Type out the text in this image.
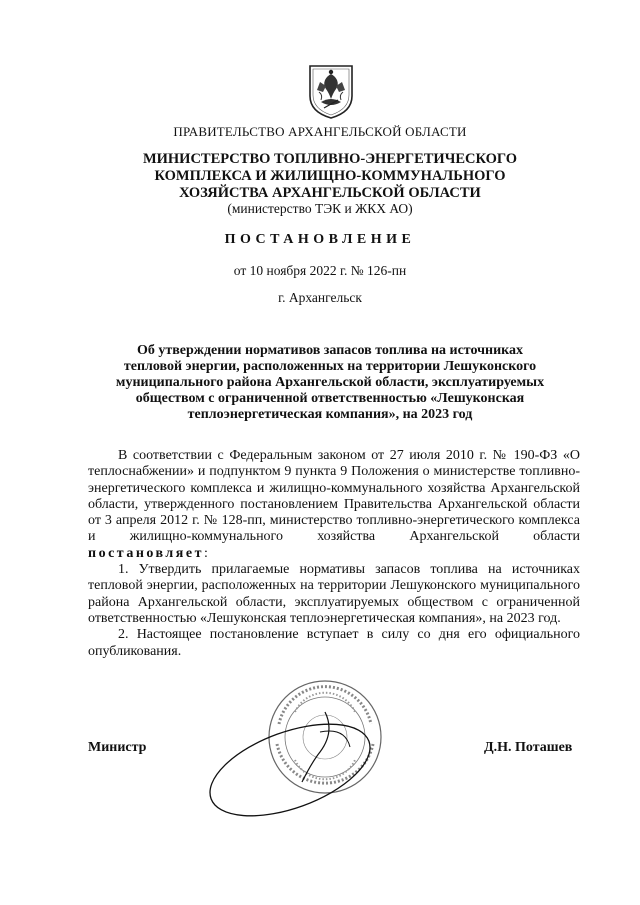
ПРАВИТЕЛЬСТВО АРХАНГЕЛЬСКОЙ ОБЛАСТИ
МИНИСТЕРСТВО ТОПЛИВНО-ЭНЕРГЕТИЧЕСКОГО
КОМПЛЕКСА И ЖИЛИЩНО-КОММУНАЛЬНОГО
ХОЗЯЙСТВА АРХАНГЕЛЬСКОЙ ОБЛАСТИ
(министерство ТЭК и ЖКХ АО)
ПОСТАНОВЛЕНИЕ
от 10 ноября 2022 г. № 126-пн
г. Архангельск
Об утверждении нормативов запасов топлива на источниках
тепловой энергии, расположенных на территории Лешуконского
муниципального района Архангельской области, эксплуатируемых
обществом с ограниченной ответственностью «Лешуконская
теплоэнергетическая компания», на 2023 год
В соответствии с Федеральным законом от 27 июля 2010 г. № 190-ФЗ «О теплоснабжении» и подпунктом 9 пункта 9 Положения о министерстве топливно-энергетического комплекса и жилищно-коммунального хозяйства Архангельской области, утвержденного постановлением Правительства Архангельской области от 3 апреля 2012 г. № 128-пп, министерство топливно-энергетического комплекса и жилищно-коммунального хозяйства Архангельской области постановляет:
1. Утвердить прилагаемые нормативы запасов топлива на источниках тепловой энергии, расположенных на территории Лешуконского муниципального района Архангельской области, эксплуатируемых обществом с ограниченной ответственностью «Лешуконская теплоэнергетическая компания», на 2023 год.
2. Настоящее постановление вступает в силу со дня его официального опубликования.
Министр	Д.Н. Поташев
